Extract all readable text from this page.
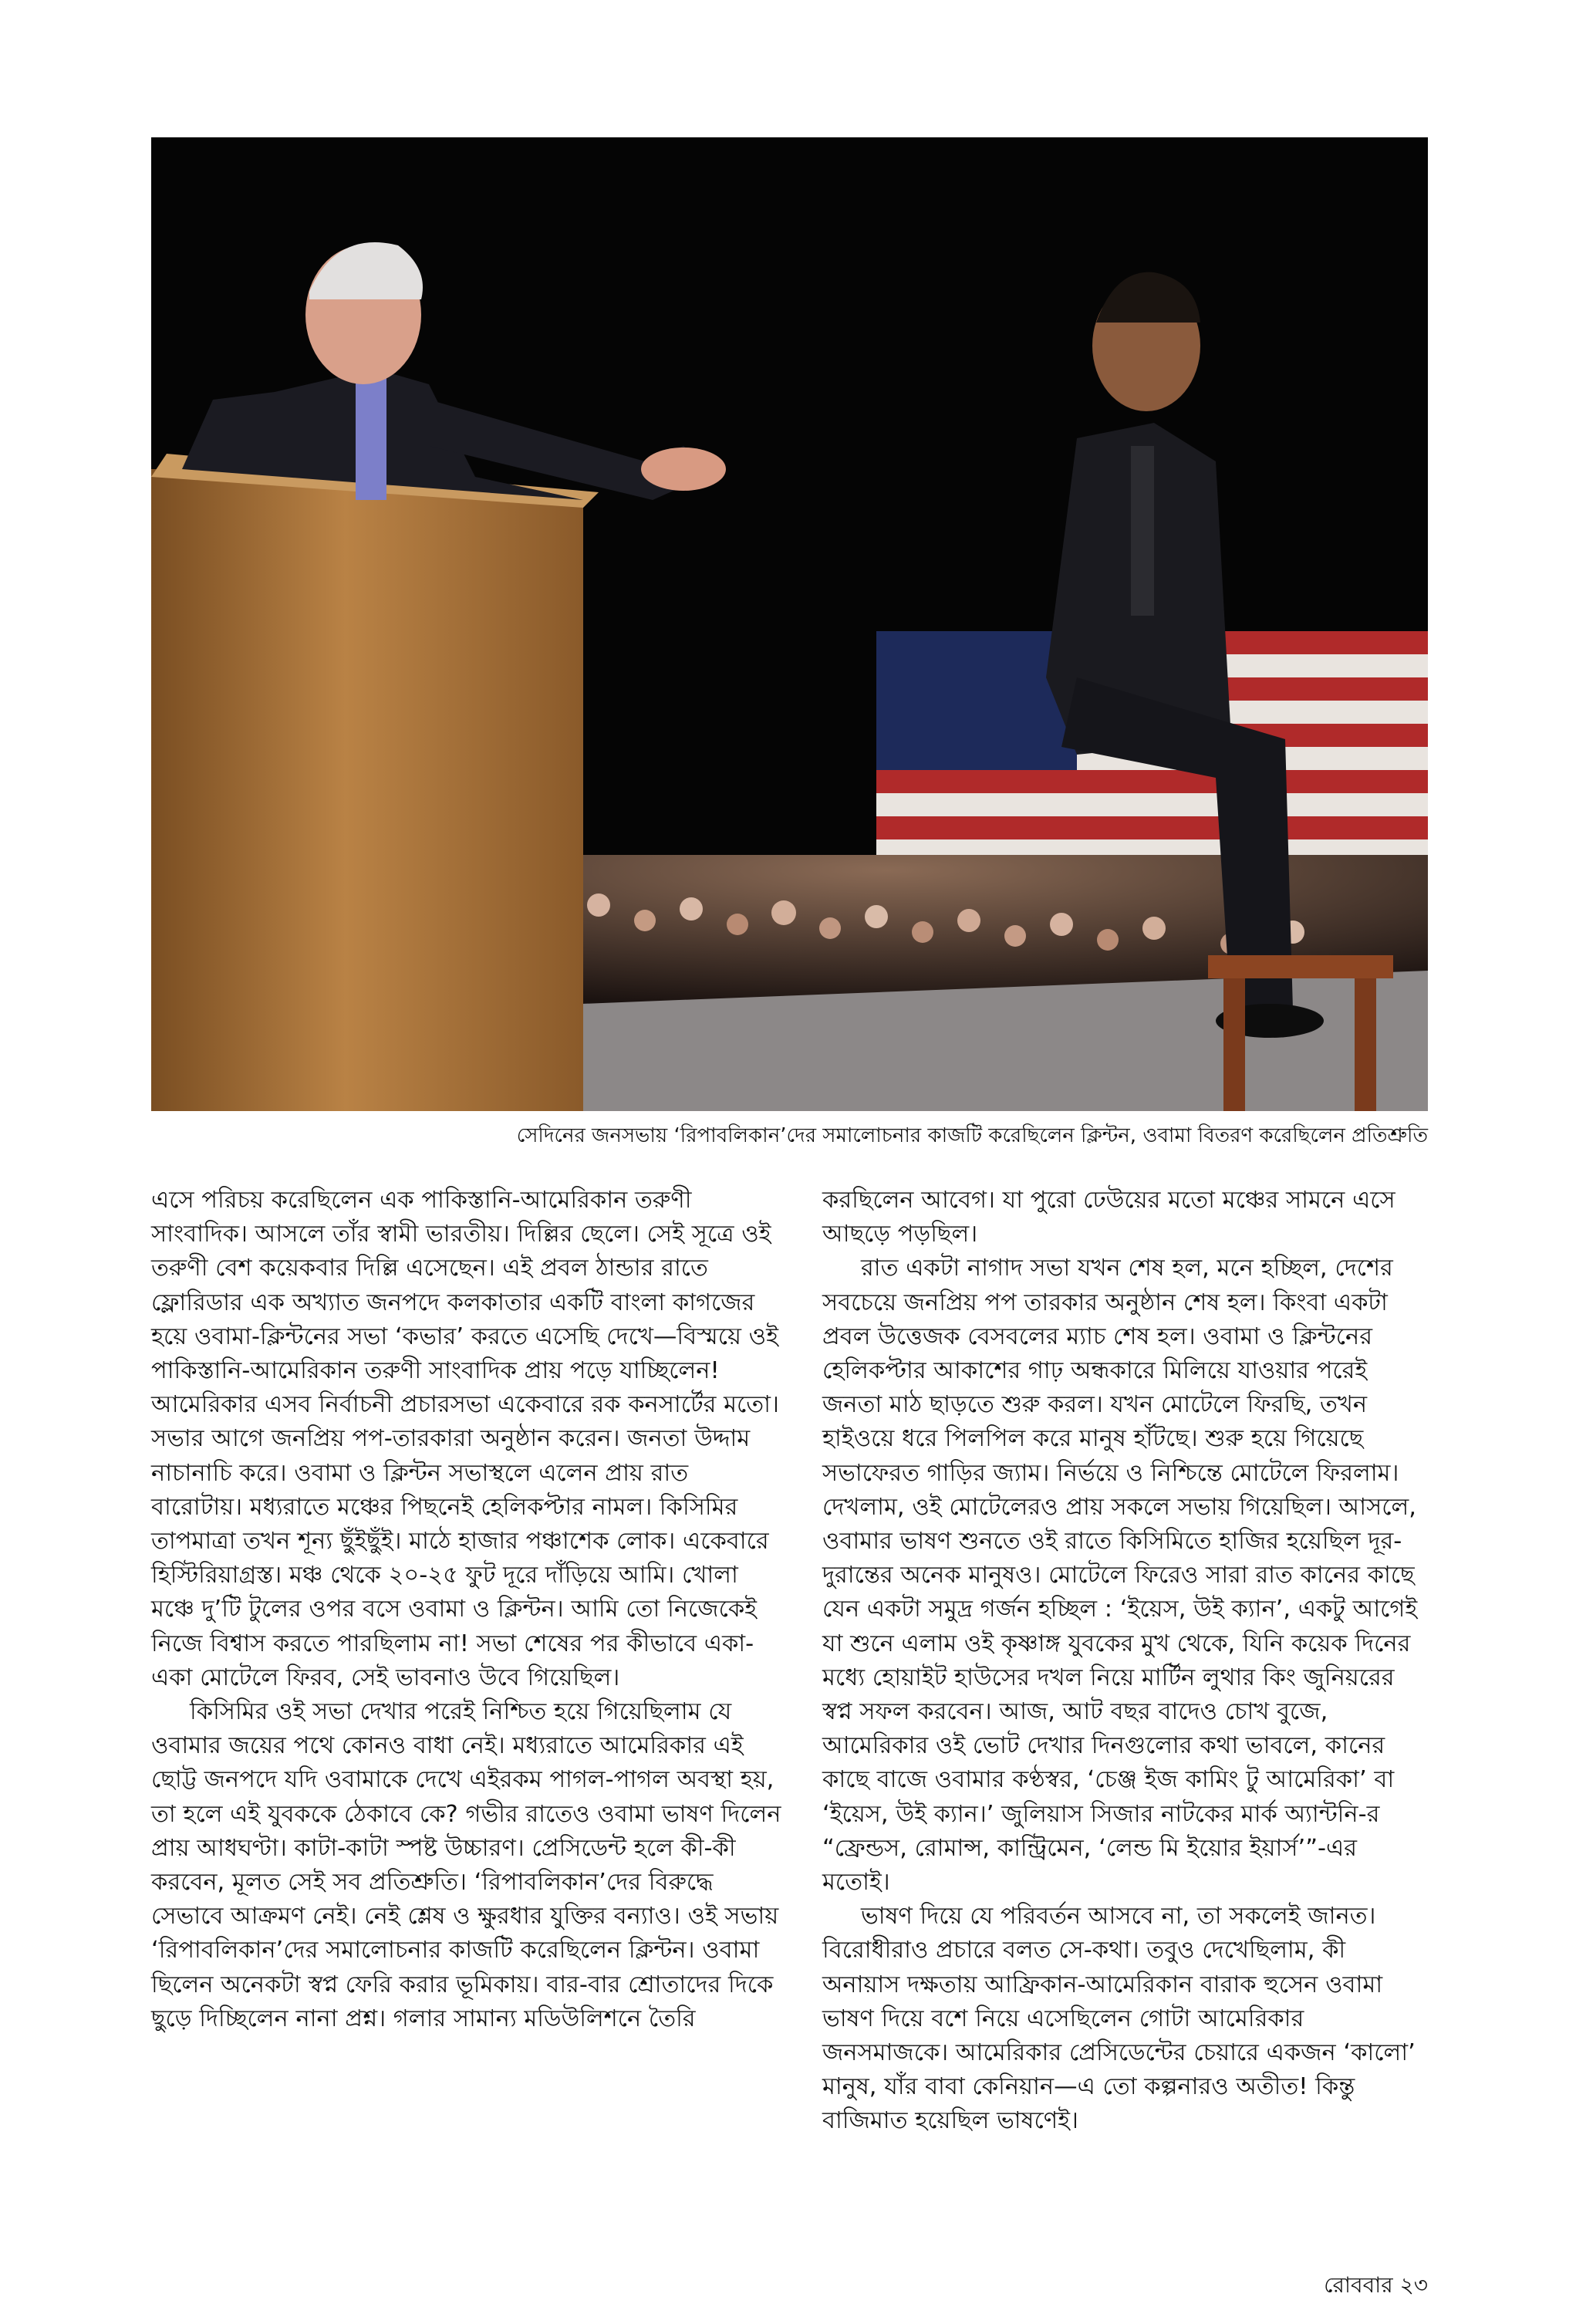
সেদিনের জনসভায় ‘রিপাবলিকান’দের সমালোচনার কাজটি করেছিলেন ক্লিন্টন, ওবামা বিতরণ করেছিলেন প্রতিশ্রুতি

এসে পরিচয় করেছিলেন এক পাকিস্তানি-আমেরিকান তরুণী সাংবাদিক। আসলে তাঁর স্বামী ভারতীয়। দিল্লির ছেলে। সেই সূত্রে ওই তরুণী বেশ কয়েকবার দিল্লি এসেছেন। এই প্রবল ঠান্ডার রাতে ফ্লোরিডার এক অখ্যাত জনপদে কলকাতার একটি বাংলা কাগজের হয়ে ওবামা-ক্লিন্টনের সভা ‘কভার’ করতে এসেছি দেখে—বিস্ময়ে ওই পাকিস্তানি-আমেরিকান তরুণী সাংবাদিক প্রায় পড়ে যাচ্ছিলেন! আমেরিকার এসব নির্বাচনী প্রচারসভা একেবারে রক কনসার্টের মতো। সভার আগে জনপ্রিয় পপ-তারকারা অনুষ্ঠান করেন। জনতা উদ্দাম নাচানাচি করে। ওবামা ও ক্লিন্টন সভাস্থলে এলেন প্রায় রাত বারোটায়। মধ্যরাতে মঞ্চের পিছনেই হেলিকপ্টার নামল। কিসিমির তাপমাত্রা তখন শূন্য ছুঁইছুঁই। মাঠে হাজার পঞ্চাশেক লোক। একেবারে হিস্টিরিয়াগ্রস্ত। মঞ্চ থেকে ২০-২৫ ফুট দূরে দাঁড়িয়ে আমি। খোলা মঞ্চে দু’টি টুলের ওপর বসে ওবামা ও ক্লিন্টন। আমি তো নিজেকেই নিজে বিশ্বাস করতে পারছিলাম না! সভা শেষের পর কীভাবে একা-একা মোটেলে ফিরব, সেই ভাবনাও উবে গিয়েছিল।

কিসিমির ওই সভা দেখার পরেই নিশ্চিত হয়ে গিয়েছিলাম যে ওবামার জয়ের পথে কোনও বাধা নেই। মধ্যরাতে আমেরিকার এই ছোট্ট জনপদে যদি ওবামাকে দেখে এইরকম পাগল-পাগল অবস্থা হয়, তা হলে এই যুবককে ঠেকাবে কে? গভীর রাতেও ওবামা ভাষণ দিলেন প্রায় আধঘণ্টা। কাটা-কাটা স্পষ্ট উচ্চারণ। প্রেসিডেন্ট হলে কী-কী করবেন, মূলত সেই সব প্রতিশ্রুতি। ‘রিপাবলিকান’দের বিরুদ্ধে সেভাবে আক্রমণ নেই। নেই শ্লেষ ও ক্ষুরধার যুক্তির বন্যাও। ওই সভায় ‘রিপাবলিকান’দের সমালোচনার কাজটি করেছিলেন ক্লিন্টন। ওবামা ছিলেন অনেকটা স্বপ্ন ফেরি করার ভূমিকায়। বার-বার শ্রোতাদের দিকে ছুড়ে দিচ্ছিলেন নানা প্রশ্ন। গলার সামান্য মডিউলিশনে তৈরি

করছিলেন আবেগ। যা পুরো ঢেউয়ের মতো মঞ্চের সামনে এসে আছড়ে পড়ছিল।

রাত একটা নাগাদ সভা যখন শেষ হল, মনে হচ্ছিল, দেশের সবচেয়ে জনপ্রিয় পপ তারকার অনুষ্ঠান শেষ হল। কিংবা একটা প্রবল উত্তেজক বেসবলের ম্যাচ শেষ হল। ওবামা ও ক্লিন্টনের হেলিকপ্টার আকাশের গাঢ় অন্ধকারে মিলিয়ে যাওয়ার পরেই জনতা মাঠ ছাড়তে শুরু করল। যখন মোটেলে ফিরছি, তখন হাইওয়ে ধরে পিলপিল করে মানুষ হাঁটছে। শুরু হয়ে গিয়েছে সভাফেরত গাড়ির জ্যাম। নির্ভয়ে ও নিশ্চিন্তে মোটেলে ফিরলাম। দেখলাম, ওই মোটেলেরও প্রায় সকলে সভায় গিয়েছিল। আসলে, ওবামার ভাষণ শুনতে ওই রাতে কিসিমিতে হাজির হয়েছিল দূর-দুরান্তের অনেক মানুষও। মোটেলে ফিরেও সারা রাত কানের কাছে যেন একটা সমুদ্র গর্জন হচ্ছিল : ‘ইয়েস, উই ক্যান’, একটু আগেই যা শুনে এলাম ওই কৃষ্ণাঙ্গ যুবকের মুখ থেকে, যিনি কয়েক দিনের মধ্যে হোয়াইট হাউসের দখল নিয়ে মার্টিন লুথার কিং জুনিয়রের স্বপ্ন সফল করবেন। আজ, আট বছর বাদেও চোখ বুজে, আমেরিকার ওই ভোট দেখার দিনগুলোর কথা ভাবলে, কানের কাছে বাজে ওবামার কণ্ঠস্বর, ‘চেঞ্জ ইজ কামিং টু আমেরিকা’ বা ‘ইয়েস, উই ক্যান।’ জুলিয়াস সিজার নাটকের মার্ক অ্যান্টনি-র “ফ্রেন্ডস, রোমান্স, কান্ট্রিমেন, ‘লেন্ড মি ইয়োর ইয়ার্স’”-এর মতোই।

ভাষণ দিয়ে যে পরিবর্তন আসবে না, তা সকলেই জানত। বিরোধীরাও প্রচারে বলত সে-কথা। তবুও দেখেছিলাম, কী অনায়াস দক্ষতায় আফ্রিকান-আমেরিকান বারাক হুসেন ওবামা ভাষণ দিয়ে বশে নিয়ে এসেছিলেন গোটা আমেরিকার জনসমাজকে। আমেরিকার প্রেসিডেন্টের চেয়ারে একজন ‘কালো’ মানুষ, যাঁর বাবা কেনিয়ান—এ তো কল্পনারও অতীত! কিন্তু বাজিমাত হয়েছিল ভাষণেই।

রোববার ২৩
